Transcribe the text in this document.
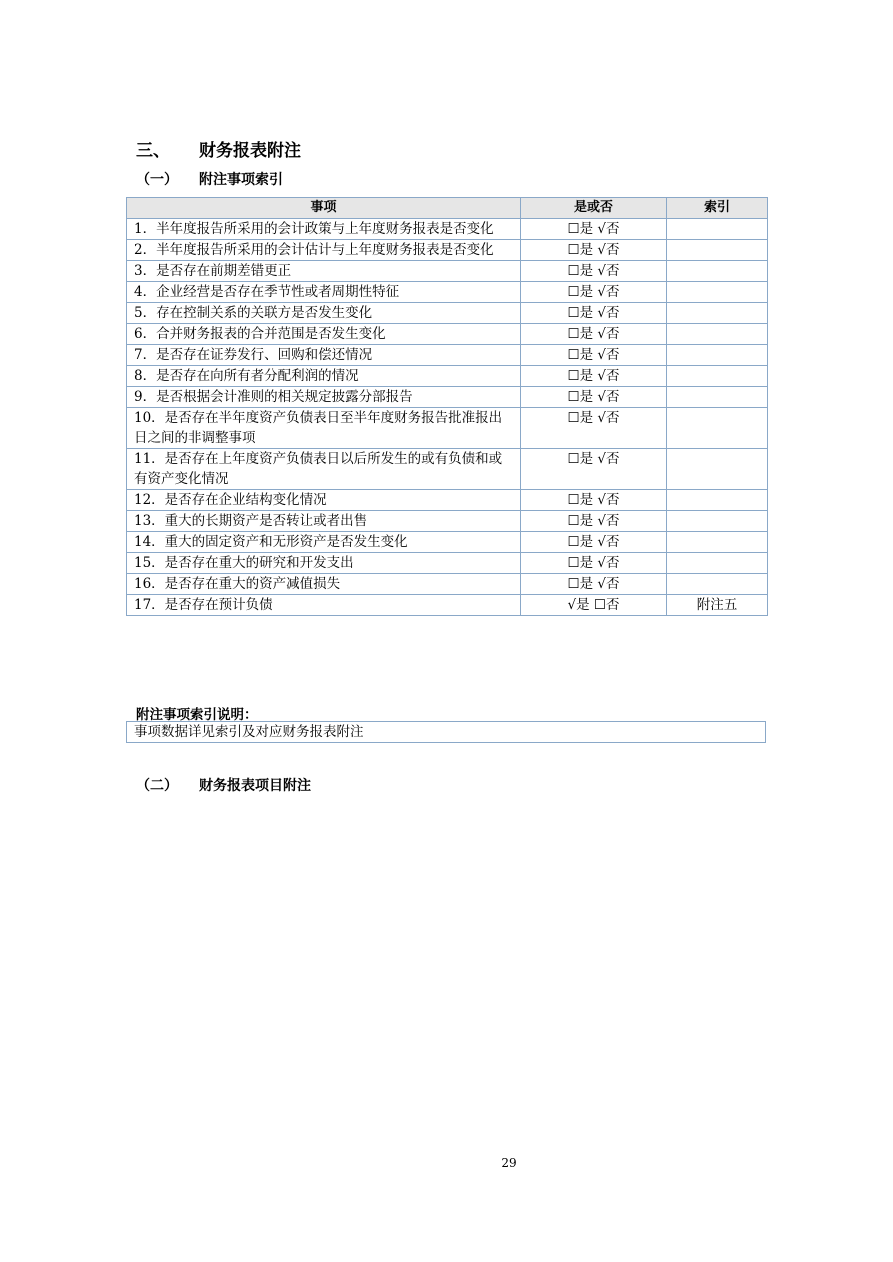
三、 财务报表附注
（一） 附注事项索引
事项	是或否	索引
1．半年度报告所采用的会计政策与上年度财务报表是否变化	☐是 √否	
2．半年度报告所采用的会计估计与上年度财务报表是否变化	☐是 √否	
3．是否存在前期差错更正	☐是 √否	
4．企业经营是否存在季节性或者周期性特征	☐是 √否	
5．存在控制关系的关联方是否发生变化	☐是 √否	
6．合并财务报表的合并范围是否发生变化	☐是 √否	
7．是否存在证券发行、回购和偿还情况	☐是 √否	
8．是否存在向所有者分配利润的情况	☐是 √否	
9．是否根据会计准则的相关规定披露分部报告	☐是 √否	
10．是否存在半年度资产负债表日至半年度财务报告批准报出日之间的非调整事项	☐是 √否	
11．是否存在上年度资产负债表日以后所发生的或有负债和或有资产变化情况	☐是 √否	
12．是否存在企业结构变化情况	☐是 √否	
13．重大的长期资产是否转让或者出售	☐是 √否	
14．重大的固定资产和无形资产是否发生变化	☐是 √否	
15．是否存在重大的研究和开发支出	☐是 √否	
16．是否存在重大的资产减值损失	☐是 √否	
17．是否存在预计负债	√是 ☐否	附注五
附注事项索引说明：
事项数据详见索引及对应财务报表附注
（二） 财务报表项目附注
29
